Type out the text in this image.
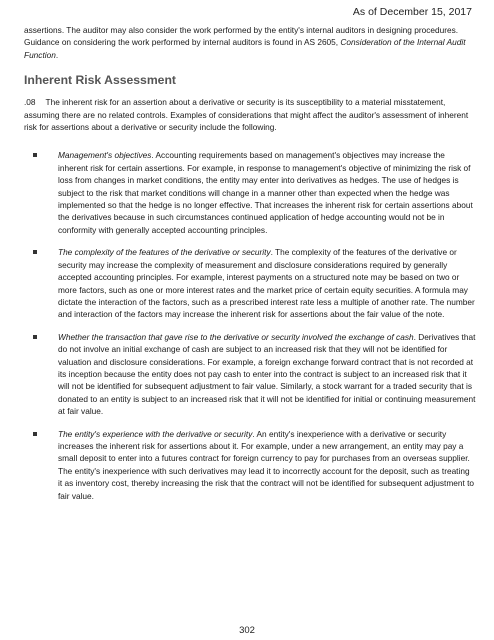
As of December 15, 2017

assertions. The auditor may also consider the work performed by the entity's internal auditors in designing procedures. Guidance on considering the work performed by internal auditors is found in AS 2605, Consideration of the Internal Audit Function.

Inherent Risk Assessment

.08 The inherent risk for an assertion about a derivative or security is its susceptibility to a material misstatement, assuming there are no related controls. Examples of considerations that might affect the auditor's assessment of inherent risk for assertions about a derivative or security include the following.

Management's objectives. Accounting requirements based on management's objectives may increase the inherent risk for certain assertions. For example, in response to management's objective of minimizing the risk of loss from changes in market conditions, the entity may enter into derivatives as hedges. The use of hedges is subject to the risk that market conditions will change in a manner other than expected when the hedge was implemented so that the hedge is no longer effective. That increases the inherent risk for certain assertions about the derivatives because in such circumstances continued application of hedge accounting would not be in conformity with generally accepted accounting principles.
The complexity of the features of the derivative or security. The complexity of the features of the derivative or security may increase the complexity of measurement and disclosure considerations required by generally accepted accounting principles. For example, interest payments on a structured note may be based on two or more factors, such as one or more interest rates and the market price of certain equity securities. A formula may dictate the interaction of the factors, such as a prescribed interest rate less a multiple of another rate. The number and interaction of the factors may increase the inherent risk for assertions about the fair value of the note.
Whether the transaction that gave rise to the derivative or security involved the exchange of cash. Derivatives that do not involve an initial exchange of cash are subject to an increased risk that they will not be identified for valuation and disclosure considerations. For example, a foreign exchange forward contract that is not recorded at its inception because the entity does not pay cash to enter into the contract is subject to an increased risk that it will not be identified for subsequent adjustment to fair value. Similarly, a stock warrant for a traded security that is donated to an entity is subject to an increased risk that it will not be identified for initial or continuing measurement at fair value.
The entity's experience with the derivative or security. An entity's inexperience with a derivative or security increases the inherent risk for assertions about it. For example, under a new arrangement, an entity may pay a small deposit to enter into a futures contract for foreign currency to pay for purchases from an overseas supplier. The entity's inexperience with such derivatives may lead it to incorrectly account for the deposit, such as treating it as inventory cost, thereby increasing the risk that the contract will not be identified for subsequent adjustment to fair value.
302
